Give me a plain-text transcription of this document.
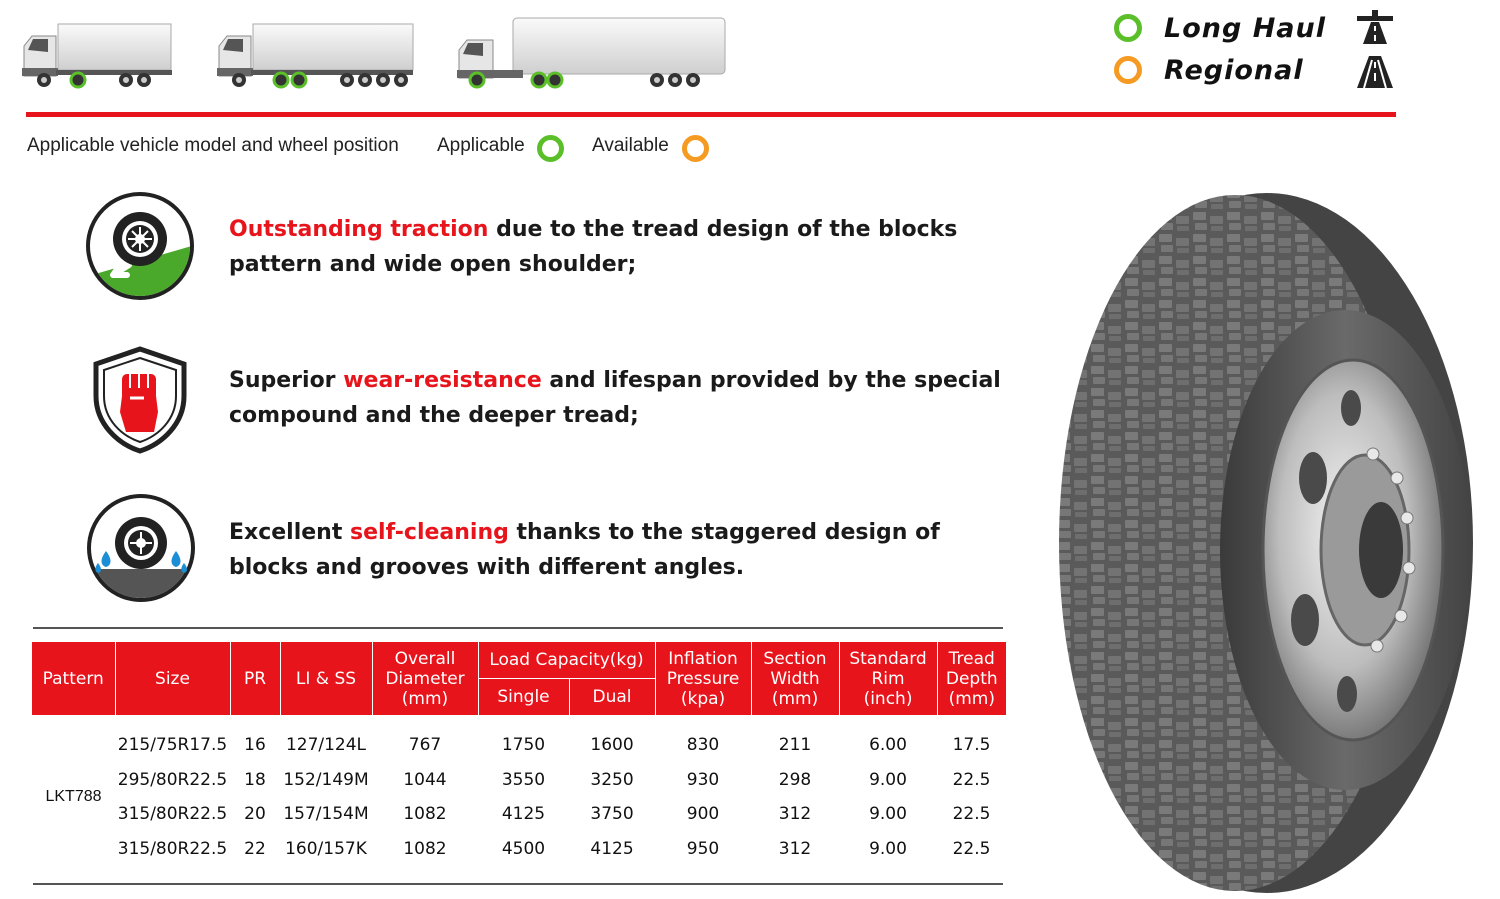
Long Haul
Regional
Applicable vehicle model and wheel position Applicable	Available
Outstanding traction due to the tread design of the blocks
pattern and wide open shoulder;
Superior wear-resistance and lifespan provided by the special
compound and the deeper tread;
Excellent self-cleaning thanks to the staggered design of
blocks and grooves with different angles.
Pattern	Size	PR	LI & SS	Overall
Diameter
(mm)	Load Capacity(kg)		Inflation
Pressure
(kpa)	Section
Width
(mm)	Standard
Rim
(inch)	Tread
Depth
(mm)
					Single	Dual				

LKT788	215/75R17.5	16	127/124L	767	1750	1600	830	211	6.00	17.5
	295/80R22.5	18	152/149M	1044	3550	3250	930	298	9.00	22.5
	315/80R22.5	20	157/154M	1082	4125	3750	900	312	9.00	22.5
	315/80R22.5	22	160/157K	1082	4500	4125	950	312	9.00	22.5
